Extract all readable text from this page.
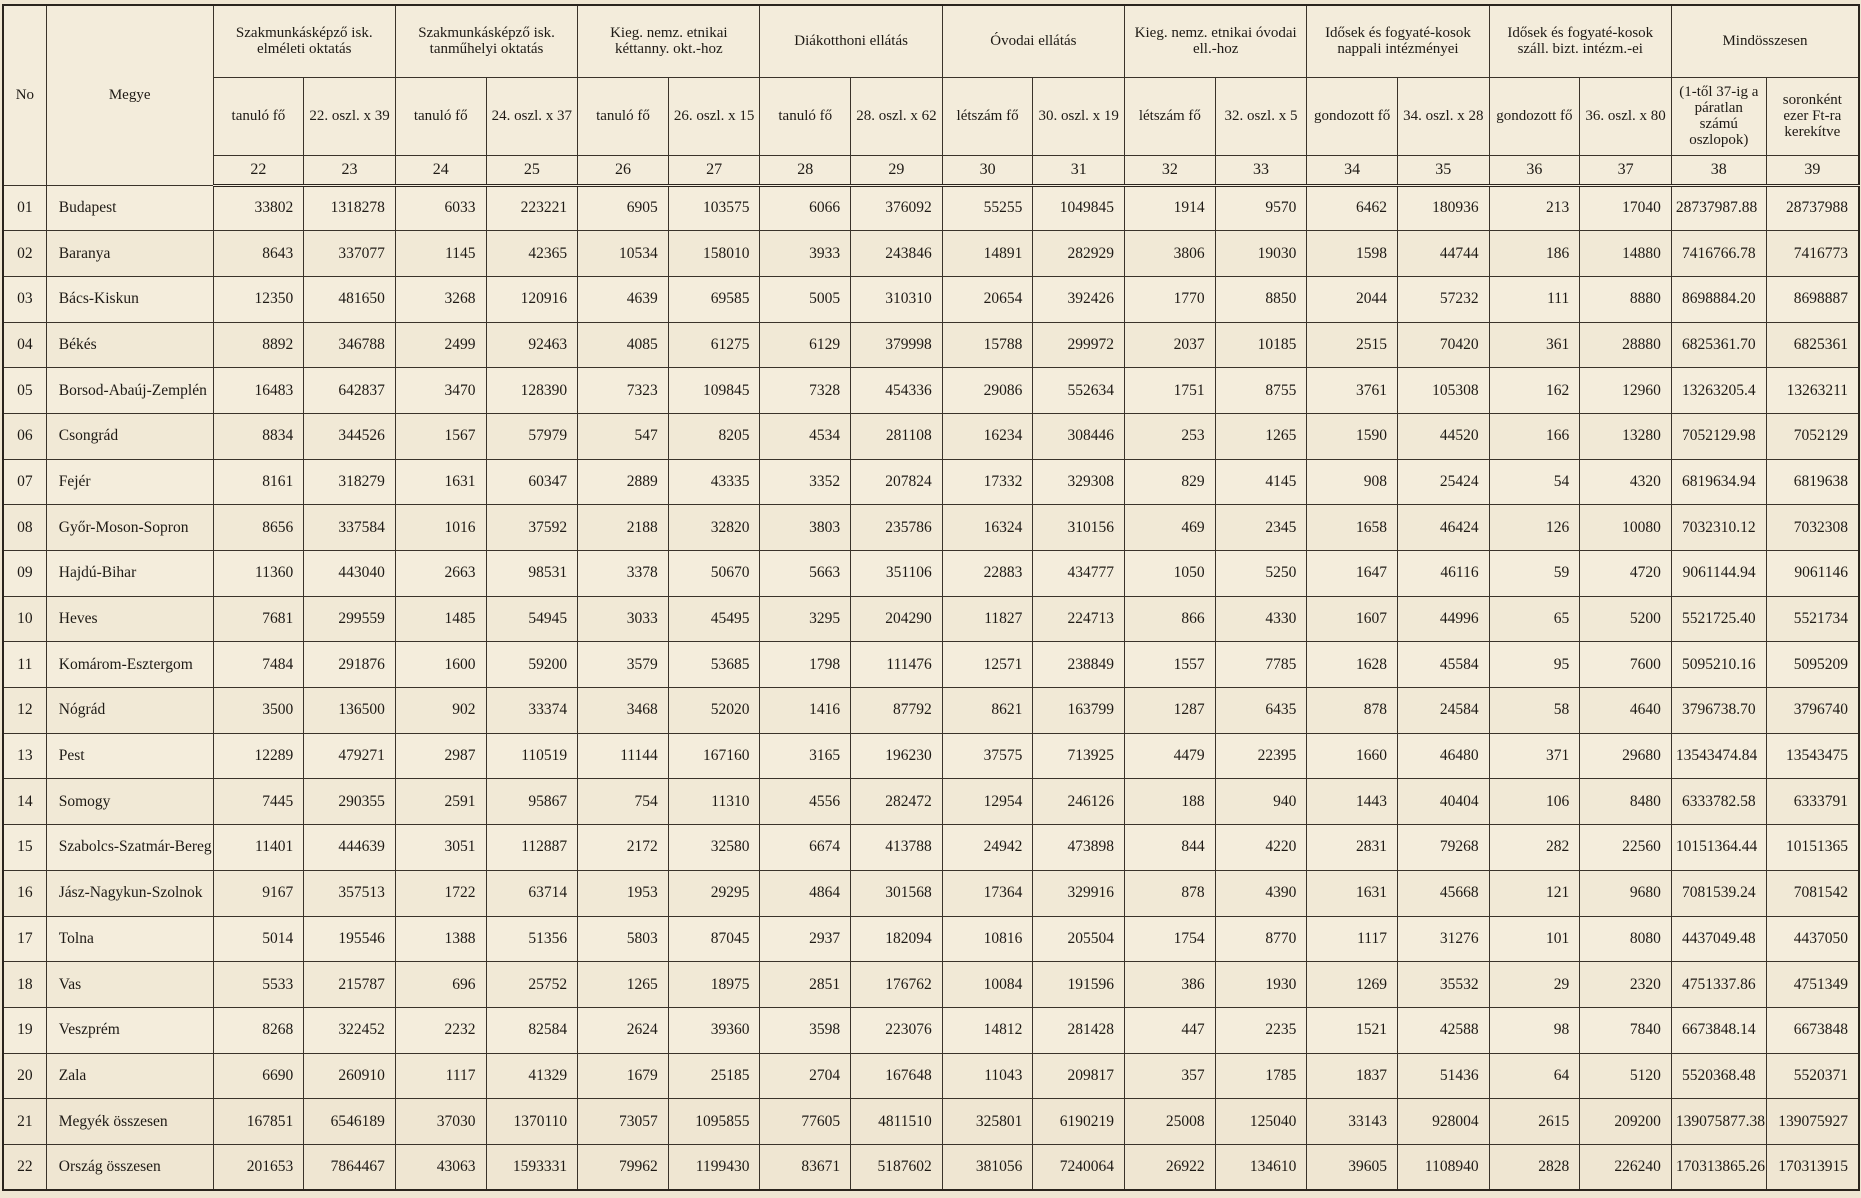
No	Megye	Szakmunkásképző isk. elméleti oktatás		Szakmunkásképző isk. tanműhelyi oktatás		Kieg. nemz. etnikai kéttanny. okt.-hoz		Diákotthoni ellátás		Óvodai ellátás		Kieg. nemz. etnikai óvodai ell.-hoz		Idősek és fogyaté-kosok nappali intézményei		Idősek és fogyaté-kosok száll. bizt. intézm.-ei		Mindösszesen	
		tanuló fő	22. oszl. x 39	tanuló fő	24. oszl. x 37	tanuló fő	26. oszl. x 15	tanuló fő	28. oszl. x 62	létszám fő	30. oszl. x 19	létszám fő	32. oszl. x 5	gondozott fő	34. oszl. x 28	gondozott fő	36. oszl. x 80	(1-től 37-ig a páratlan számú oszlopok)	soronként ezer Ft-ra kerekítve
		22	23	24	25	26	27	28	29	30	31	32	33	34	35	36	37	38	39
01	Budapest	33802	1318278	6033	223221	6905	103575	6066	376092	55255	1049845	1914	9570	6462	180936	213	17040	28737987.88	28737988
02	Baranya	8643	337077	1145	42365	10534	158010	3933	243846	14891	282929	3806	19030	1598	44744	186	14880	7416766.78	7416773
03	Bács-Kiskun	12350	481650	3268	120916	4639	69585	5005	310310	20654	392426	1770	8850	2044	57232	111	8880	8698884.20	8698887
04	Békés	8892	346788	2499	92463	4085	61275	6129	379998	15788	299972	2037	10185	2515	70420	361	28880	6825361.70	6825361
05	Borsod-Abaúj-Zemplén	16483	642837	3470	128390	7323	109845	7328	454336	29086	552634	1751	8755	3761	105308	162	12960	13263205.4	13263211
06	Csongrád	8834	344526	1567	57979	547	8205	4534	281108	16234	308446	253	1265	1590	44520	166	13280	7052129.98	7052129
07	Fejér	8161	318279	1631	60347	2889	43335	3352	207824	17332	329308	829	4145	908	25424	54	4320	6819634.94	6819638
08	Győr-Moson-Sopron	8656	337584	1016	37592	2188	32820	3803	235786	16324	310156	469	2345	1658	46424	126	10080	7032310.12	7032308
09	Hajdú-Bihar	11360	443040	2663	98531	3378	50670	5663	351106	22883	434777	1050	5250	1647	46116	59	4720	9061144.94	9061146
10	Heves	7681	299559	1485	54945	3033	45495	3295	204290	11827	224713	866	4330	1607	44996	65	5200	5521725.40	5521734
11	Komárom-Esztergom	7484	291876	1600	59200	3579	53685	1798	111476	12571	238849	1557	7785	1628	45584	95	7600	5095210.16	5095209
12	Nógrád	3500	136500	902	33374	3468	52020	1416	87792	8621	163799	1287	6435	878	24584	58	4640	3796738.70	3796740
13	Pest	12289	479271	2987	110519	11144	167160	3165	196230	37575	713925	4479	22395	1660	46480	371	29680	13543474.84	13543475
14	Somogy	7445	290355	2591	95867	754	11310	4556	282472	12954	246126	188	940	1443	40404	106	8480	6333782.58	6333791
15	Szabolcs-Szatmár-Bereg	11401	444639	3051	112887	2172	32580	6674	413788	24942	473898	844	4220	2831	79268	282	22560	10151364.44	10151365
16	Jász-Nagykun-Szolnok	9167	357513	1722	63714	1953	29295	4864	301568	17364	329916	878	4390	1631	45668	121	9680	7081539.24	7081542
17	Tolna	5014	195546	1388	51356	5803	87045	2937	182094	10816	205504	1754	8770	1117	31276	101	8080	4437049.48	4437050
18	Vas	5533	215787	696	25752	1265	18975	2851	176762	10084	191596	386	1930	1269	35532	29	2320	4751337.86	4751349
19	Veszprém	8268	322452	2232	82584	2624	39360	3598	223076	14812	281428	447	2235	1521	42588	98	7840	6673848.14	6673848
20	Zala	6690	260910	1117	41329	1679	25185	2704	167648	11043	209817	357	1785	1837	51436	64	5120	5520368.48	5520371
21	Megyék összesen	167851	6546189	37030	1370110	73057	1095855	77605	4811510	325801	6190219	25008	125040	33143	928004	2615	209200	139075877.38	139075927
22	Ország összesen	201653	7864467	43063	1593331	79962	1199430	83671	5187602	381056	7240064	26922	134610	39605	1108940	2828	226240	170313865.26	170313915
